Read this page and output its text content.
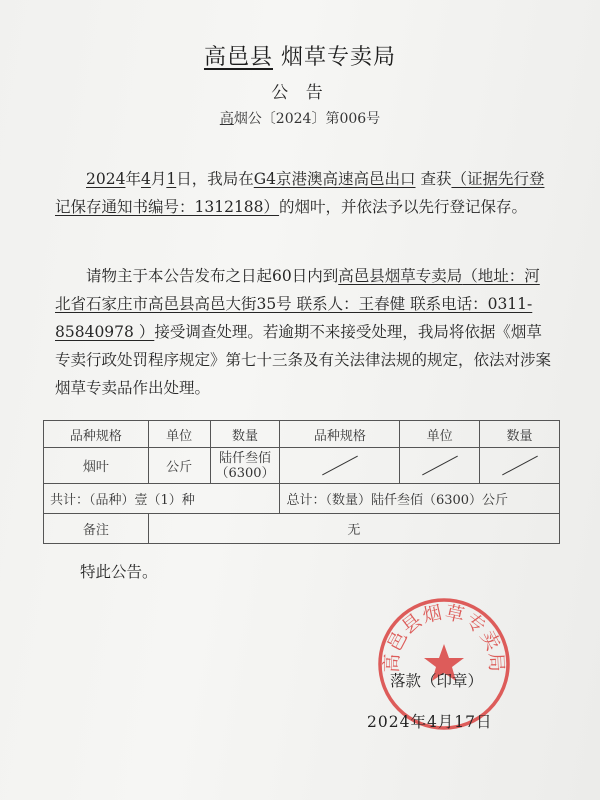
高邑县 烟草专卖局
公 告
高烟公〔2024〕第006号
2024年4月1日，我局在G4京港澳高速高邑出口 查获（证据先行登记保存通知书编号：1312188）的烟叶，并依法予以先行登记保存。
请物主于本公告发布之日起60日内到高邑县烟草专卖局（地址：河北省石家庄市高邑县高邑大街35号 联系人：王春健 联系电话：0311-85840978 ）接受调查处理。若逾期不来接受处理，我局将依据《烟草专卖行政处罚程序规定》第七十三条及有关法律法规的规定，依法对涉案烟草专卖品作出处理。
品种规格	单位	数量	品种规格	单位	数量
烟叶	公斤	陆仟叁佰
（6300）			

共计：（品种）壹（1）种			总计：（数量）陆仟叁佰（6300）公斤		
备注	无				
特此公告。
高邑县烟草专卖局
落款（印章）
2024年4月17日
